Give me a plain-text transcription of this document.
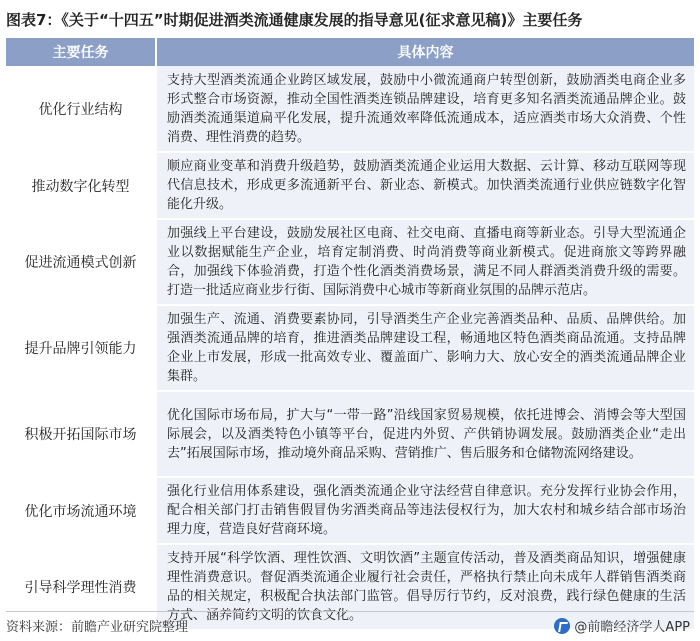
图表7：《关于“十四五”时期促进酒类流通健康发展的指导意见(征求意见稿)》主要任务
主要任务	具体内容
优化行业结构	支持大型酒类流通企业跨区域发展，鼓励中小微流通商户转型创新，鼓励酒类电商企业多形式整合市场资源，推动全国性酒类连锁品牌建设，培育更多知名酒类流通品牌企业。鼓励酒类流通渠道扁平化发展，提升流通效率降低流通成本，适应酒类市场大众消费、个性消费、理性消费的趋势。
推动数字化转型	顺应商业变革和消费升级趋势，鼓励酒类流通企业运用大数据、云计算、移动互联网等现代信息技术，形成更多流通新平台、新业态、新模式。加快酒类流通行业供应链数字化智能化升级。
促进流通模式创新	加强线上平台建设，鼓励发展社区电商、社交电商、直播电商等新业态。引导大型流通企业以数据赋能生产企业，培育定制消费、时尚消费等商业新模式。促进商旅文等跨界融合，加强线下体验消费，打造个性化酒类消费场景，满足不同人群酒类消费升级的需要。打造一批适应商业步行街、国际消费中心城市等新商业氛围的品牌示范店。
提升品牌引领能力	加强生产、流通、消费要素协同，引导酒类生产企业完善酒类品种、品质、品牌供给。加强酒类流通品牌的培育，推进酒类品牌建设工程，畅通地区特色酒类商品流通。支持品牌企业上市发展，形成一批高效专业、覆盖面广、影响力大、放心安全的酒类流通品牌企业集群。
积极开拓国际市场	优化国际市场布局，扩大与“一带一路”沿线国家贸易规模，依托进博会、消博会等大型国际展会，以及酒类特色小镇等平台，促进内外贸、产供销协调发展。鼓励酒类企业“走出去”拓展国际市场，推动境外商品采购、营销推广、售后服务和仓储物流网络建设。
优化市场流通环境	强化行业信用体系建设，强化酒类流通企业守法经营自律意识。充分发挥行业协会作用，配合相关部门打击销售假冒伪劣酒类商品等违法侵权行为，加大农村和城乡结合部市场治理力度，营造良好营商环境。
引导科学理性消费	支持开展“科学饮酒、理性饮酒、文明饮酒”主题宣传活动，普及酒类商品知识，增强健康理性消费意识。督促酒类流通企业履行社会责任，严格执行禁止向未成年人群销售酒类商品的相关规定，积极配合执法部门监管。倡导厉行节约，反对浪费，践行绿色健康的生活方式、涵养简约文明的饮食文化。
资料来源：前瞻产业研究院整理	@前瞻经济学人APP
